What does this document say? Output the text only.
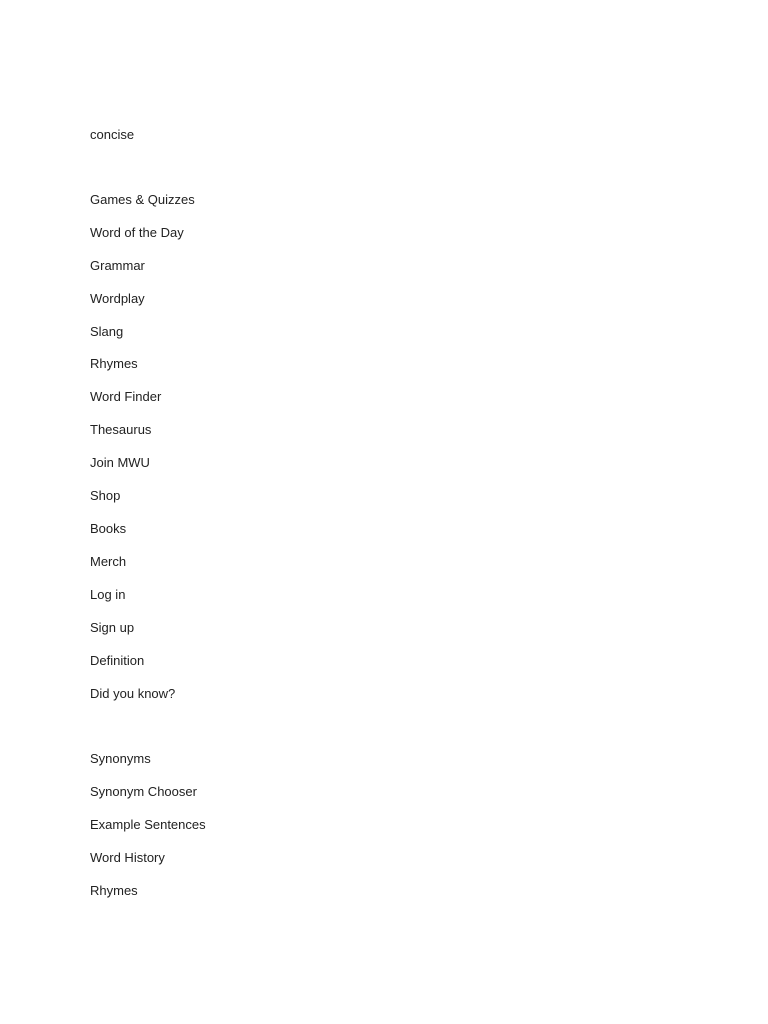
concise
Games & Quizzes
Word of the Day
Grammar
Wordplay
Slang
Rhymes
Word Finder
Thesaurus
Join MWU
Shop
Books
Merch
Log in
Sign up
Definition
Did you know?
Synonyms
Synonym Chooser
Example Sentences
Word History
Rhymes
